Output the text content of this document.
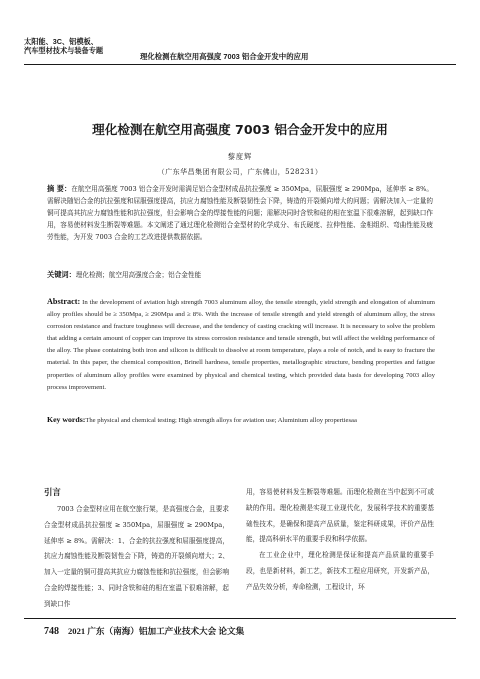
太阳能、3C、铝模板、
汽车型材技术与装备专题
理化检测在航空用高强度 7003 铝合金开发中的应用
理化检测在航空用高强度 7003 铝合金开发中的应用
黎度辉
（广东华昌集团有限公司，广东佛山，528231）
摘 要：在航空用高强度 7003 铝合金开发时需满足铝合金型材成品抗拉强度 ≥ 350Mpa，屈服强度 ≥ 290Mpa，延伸率 ≥ 8%。需解决随铝合金的抗拉强度和屈服强度提高，抗应力腐蚀性能及断裂韧性会下降，铸造的开裂倾向增大的问题；需解决加入一定量的铜可提高其抗应力腐蚀性能和抗拉强度，但会影响合金的焊接性能的问题；需解决同时含铁和硅的相在室温下很难溶解，起到缺口作用，容易使材料发生断裂等难题。本文阐述了通过理化检测铝合金型材的化学成分、布氏硬度、拉伸性能、金相组织、弯曲性能及疲劳性能，为开发 7003 合金的工艺改进提供数据依据。
关键词：理化检测；航空用高强度合金；铝合金性能
Abstract: In the development of aviation high strength 7003 aluminum alloy, the tensile strength, yield strength and elongation of aluminum alloy profiles should be ≥ 350Mpa, ≥ 290Mpa and ≥ 8%. With the increase of tensile strength and yield strength of aluminum alloy, the stress corrosion resistance and fracture toughness will decrease, and the tendency of casting cracking will increase. It is necessary to solve the problem that adding a certain amount of copper can improve its stress corrosion resistance and tensile strength, but will affect the welding performance of the alloy. The phase containing both iron and silicon is difficult to dissolve at room temperature, plays a role of notch, and is easy to fracture the material. In this paper, the chemical composition, Brinell hardness, tensile properties, metallographic structure, bending properties and fatigue properties of aluminum alloy profiles were examined by physical and chemical testing, which provided data basis for developing 7003 alloy process improvement.
Key words:The physical and chemical testing; High strength alloys for aviation use; Aluminium alloy propertiesaa
引言

7003 合金型材应用在航空旅行架，是高强度合金，且要求合金型材成品抗拉强度 ≥ 350Mpa，屈服强度 ≥ 290Mpa，延伸率 ≥ 8%。需解决：1、合金的抗拉强度和屈服强度提高，抗应力腐蚀性能及断裂韧性会下降，铸造的开裂倾向增大；2、加入一定量的铜可提高其抗应力腐蚀性能和抗拉强度，但会影响合金的焊接性能；3、同时含铁和硅的相在室温下很难溶解，起到缺口作

用，容易使材料发生断裂等难题。而理化检测在当中起到不可或缺的作用。理化检测是实现工业现代化，发展科学技术的重要基础性技术，是确保和提高产品质量，鉴定科研成果，评价产品性能，提高科研水平的重要手段和科学依据。

在工业企业中，理化检测是保证和提高产品质量的重要手段，也是新材料，新工艺，新技术工程应用研究，开发新产品，产品失效分析，寿命检测，工程设计，环

748 2021 广东（南海）铝加工产业技术大会 论文集
